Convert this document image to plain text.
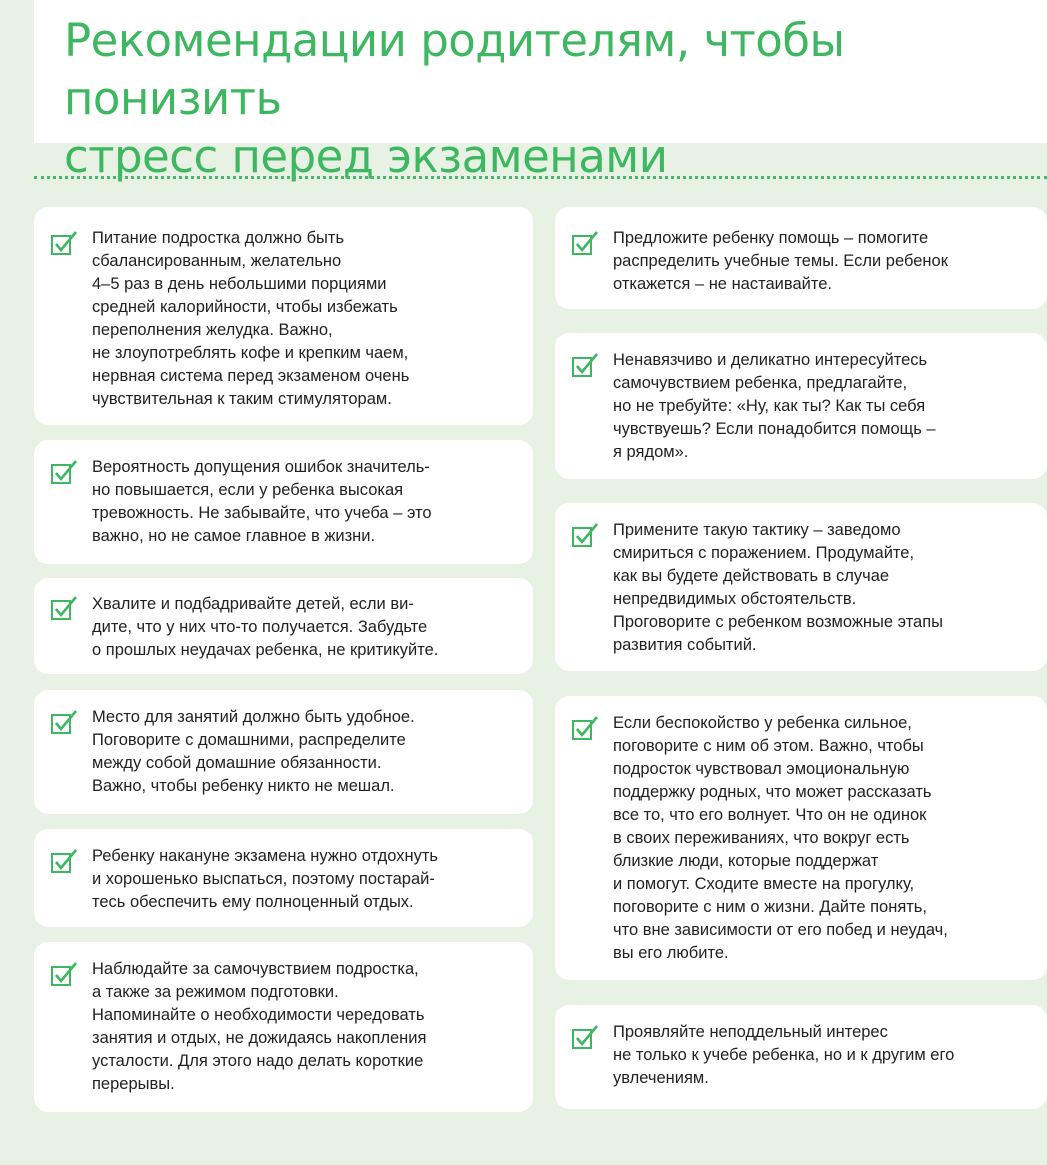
Рекомендации родителям, чтобы понизить
стресс перед экзаменами

Питание подростка должно быть
сбалансированным, желательно
4–5 раз в день небольшими порциями
средней калорийности, чтобы избежать
переполнения желудка. Важно,
не злоупотреблять кофе и крепким чаем,
нервная система перед экзаменом очень
чувствительная к таким стимуляторам.

Вероятность допущения ошибок значитель-
но повышается, если у ребенка высокая
тревожность. Не забывайте, что учеба – это
важно, но не самое главное в жизни.

Хвалите и подбадривайте детей, если ви-
дите, что у них что-то получается. Забудьте
о прошлых неудачах ребенка, не критикуйте.

Место для занятий должно быть удобное.
Поговорите с домашними, распределите
между собой домашние обязанности.
Важно, чтобы ребенку никто не мешал.

Ребенку накануне экзамена нужно отдохнуть
и хорошенько выспаться, поэтому постарай-
тесь обеспечить ему полноценный отдых.

Наблюдайте за самочувствием подростка,
а также за режимом подготовки.
Напоминайте о необходимости чередовать
занятия и отдых, не дожидаясь накопления
усталости. Для этого надо делать короткие
перерывы.

Предложите ребенку помощь – помогите
распределить учебные темы. Если ребенок
откажется – не настаивайте.

Ненавязчиво и деликатно интересуйтесь
самочувствием ребенка, предлагайте,
но не требуйте: «Ну, как ты? Как ты себя
чувствуешь? Если понадобится помощь –
я рядом».

Примените такую тактику – заведомо
смириться с поражением. Продумайте,
как вы будете действовать в случае
непредвидимых обстоятельств.
Проговорите с ребенком возможные этапы
развития событий.

Если беспокойство у ребенка сильное,
поговорите с ним об этом. Важно, чтобы
подросток чувствовал эмоциональную
поддержку родных, что может рассказать
все то, что его волнует. Что он не одинок
в своих переживаниях, что вокруг есть
близкие люди, которые поддержат
и помогут. Сходите вместе на прогулку,
поговорите с ним о жизни. Дайте понять,
что вне зависимости от его побед и неудач,
вы его любите.

Проявляйте неподдельный интерес
не только к учебе ребенка, но и к другим его
увлечениям.
